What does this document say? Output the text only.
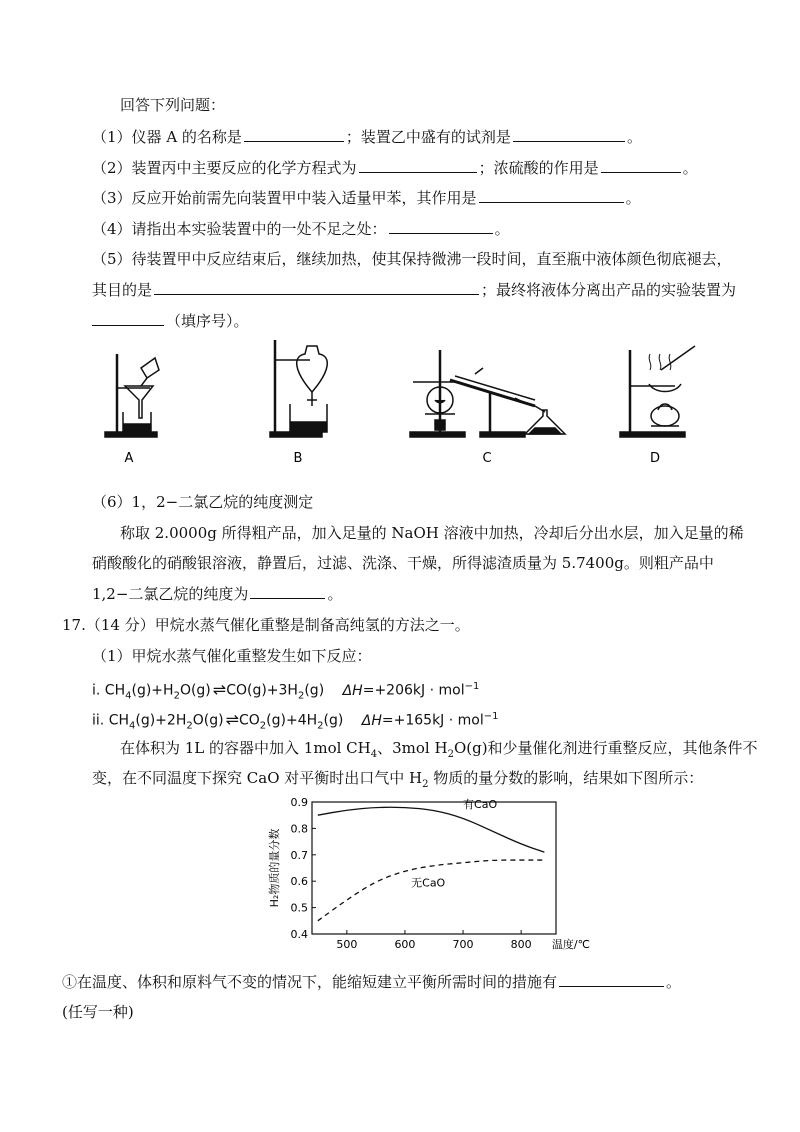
回答下列问题：
（1）仪器 A 的名称是	；装置乙中盛有的试剂是	。
（2）装置丙中主要反应的化学方程式为	；浓硫酸的作用是	。
（3）反应开始前需先向装置甲中装入适量甲苯，其作用是	。
（4）请指出本实验装置中的一处不足之处：	。
（5）待装置甲中反应结束后，继续加热，使其保持微沸一段时间，直至瓶中液体颜色彻底褪去，
其目的是	；最终将液体分离出产品的实验装置为
（填序号）。
A	B	C	D
（6）1，2−二氯乙烷的纯度测定
称取 2.0000g 所得粗产品，加入足量的 NaOH 溶液中加热，冷却后分出水层，加入足量的稀
硝酸酸化的硝酸银溶液，静置后，过滤、洗涤、干燥，所得滤渣质量为 5.7400g。则粗产品中
1,2−二氯乙烷的纯度为	。
17.（14 分）甲烷水蒸气催化重整是制备高纯氢的方法之一。
（1）甲烷水蒸气催化重整发生如下反应：
i. $CH_4(g)+H_2O(g)$ ⇌ $CO(g)+3H_2(g) \Delta H=+206kJ \cdot mol^{-1}$
ii. $CH_4(g)+2H_2O(g)$ ⇌ $CO_2(g)+4H_2(g) \Delta H=+165kJ \cdot mol^{-1}$
在体积为 1L 的容器中加入 1mol $CH_4$、3mol $H_2O(g)$和少量催化剂进行重整反应，其他条件不
变，在不同温度下探究 CaO 对平衡时出口气中 $H_2$ 物质的量分数的影响，结果如下图所示：
0.9
0.8
0.7
0.6
0.5
0.4
500	600	700	800 温度/℃
H₂物质的量分数
有CaO
无CaO
①在温度、体积和原料气不变的情况下，能缩短建立平衡所需时间的措施有	。
(任写一种)
